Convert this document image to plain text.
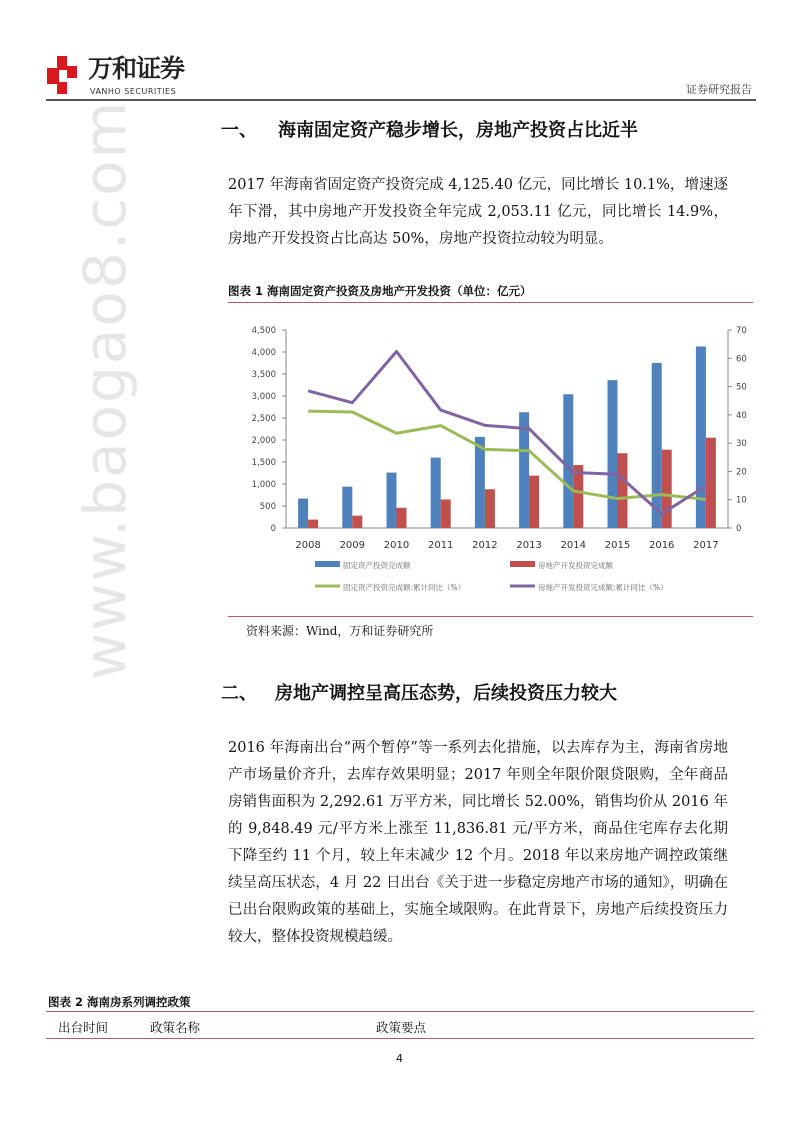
万和证券
VANHO SECURITIES	证券研究报告
一、 海南固定资产稳步增长，房地产投资占比近半
2017 年海南省固定资产投资完成 4,125.40 亿元，同比增长 10.1%，增速逐年下滑，其中房地产开发投资全年完成 2,053.11 亿元，同比增长 14.9%，房地产开发投资占比高达 50%，房地产投资拉动较为明显。
图表 1 海南固定资产投资及房地产开发投资（单位：亿元）
0
500
1,000
1,500
2,000
2,500
3,000
3,500
4,000
4,500
0
10
20
30
40
50
60
70
2008 2009 2010 2011 2012 2013 2014 2015 2016 2017
固定资产投资完成额	房地产开发投资完成额
固定资产投资完成额:累计同比（%）	房地产开发投资完成额:累计同比（%）
www.baogao8.com	资料来源：Wind，万和证券研究所
二、 房地产调控呈高压态势，后续投资压力较大
2016 年海南出台“两个暂停”等一系列去化措施，以去库存为主，海南省房地产市场量价齐升，去库存效果明显；2017 年则全年限价限贷限购，全年商品房销售面积为 2,292.61 万平方米，同比增长 52.00%，销售均价从 2016 年的 9,848.49 元/平方米上涨至 11,836.81 元/平方米，商品住宅库存去化期下降至约 11 个月，较上年末减少 12 个月。2018 年以来房地产调控政策继续呈高压状态，4 月 22 日出台《关于进一步稳定房地产市场的通知》，明确在已出台限购政策的基础上，实施全域限购。在此背景下，房地产后续投资压力较大，整体投资规模趋缓。
图表 2 海南房系列调控政策
出台时间	政策名称	政策要点
4
